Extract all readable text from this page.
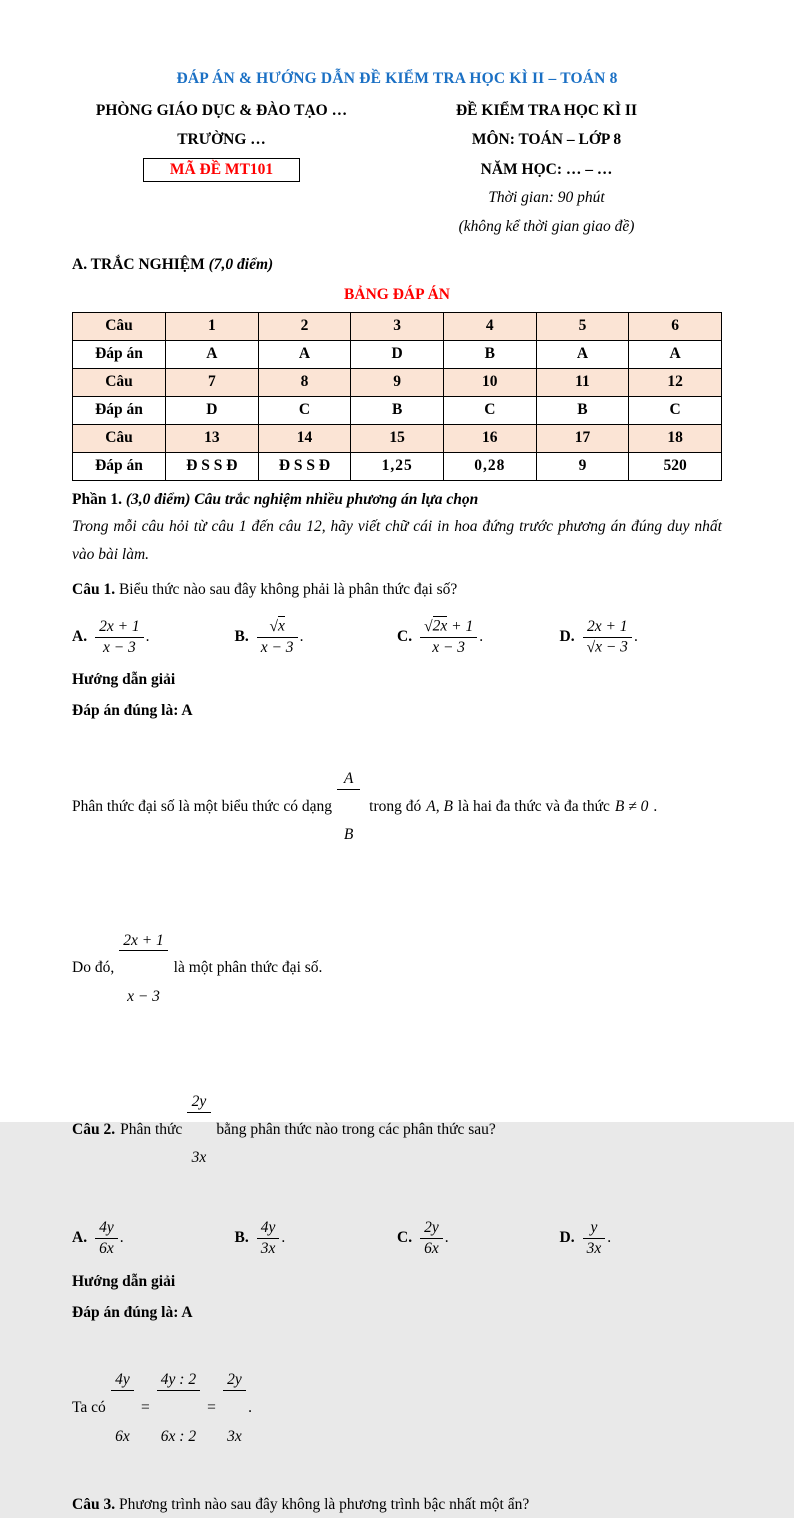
ĐÁP ÁN & HƯỚNG DẪN ĐỀ KIỂM TRA HỌC KÌ II – TOÁN 8
PHÒNG GIÁO DỤC & ĐÀO TẠO …
TRƯỜNG …
MÃ ĐỀ MT101
ĐỀ KIỂM TRA HỌC KÌ II
MÔN: TOÁN – LỚP 8
NĂM HỌC: … – …
Thời gian: 90 phút
(không kể thời gian giao đề)
A. TRẮC NGHIỆM (7,0 điểm)
BẢNG ĐÁP ÁN
Câu	1	2	3	4	5	6
Đáp án	A	A	D	B	A	A
Câu	7	8	9	10	11	12
Đáp án	D	C	B	C	B	C
Câu	13	14	15	16	17	18
Đáp án	Đ S S Đ	Đ S S Đ	1,25	0,28	9	520
Phần 1. (3,0 điểm) Câu trắc nghiệm nhiều phương án lựa chọn
Trong mỗi câu hỏi từ câu 1 đến câu 12, hãy viết chữ cái in hoa đứng trước phương án đúng duy nhất vào bài làm.
Câu 1. Biểu thức nào sau đây không phải là phân thức đại số?
A. $\frac{2x + 1}{x - 3}$ .	B. $\frac{√x}{x - 3}$ .	C. $\frac{√2x + 1}{x - 3}$ .	D. $\frac{2x + 1}{√x - 3}$ .
Hướng dẫn giải
Đáp án đúng là: A
Phân thức đại số là một biểu thức có dạng

$\frac{A}{B}$

trong đó A, B là hai đa thức và đa thức B ≠ 0 .
Do đó,

$\frac{2x + 1}{x - 3}$

là một phân thức đại số.
Câu 2. Phân thức

$\frac{2y}{3x}$

bằng phân thức nào trong các phân thức sau?
A. $\frac{4y}{6x}$ .	B. $\frac{4y}{3x}$ .	C. $\frac{2y}{6x}$ .	D. $\frac{y}{3x}$ .
Hướng dẫn giải
Đáp án đúng là: A
Ta có

$\frac{4y}{6x}$

=

$\frac{4y : 2}{6x : 2}$

=

$\frac{2y}{3x}$

.
Câu 3. Phương trình nào sau đây không là phương trình bậc nhất một ẩn?
